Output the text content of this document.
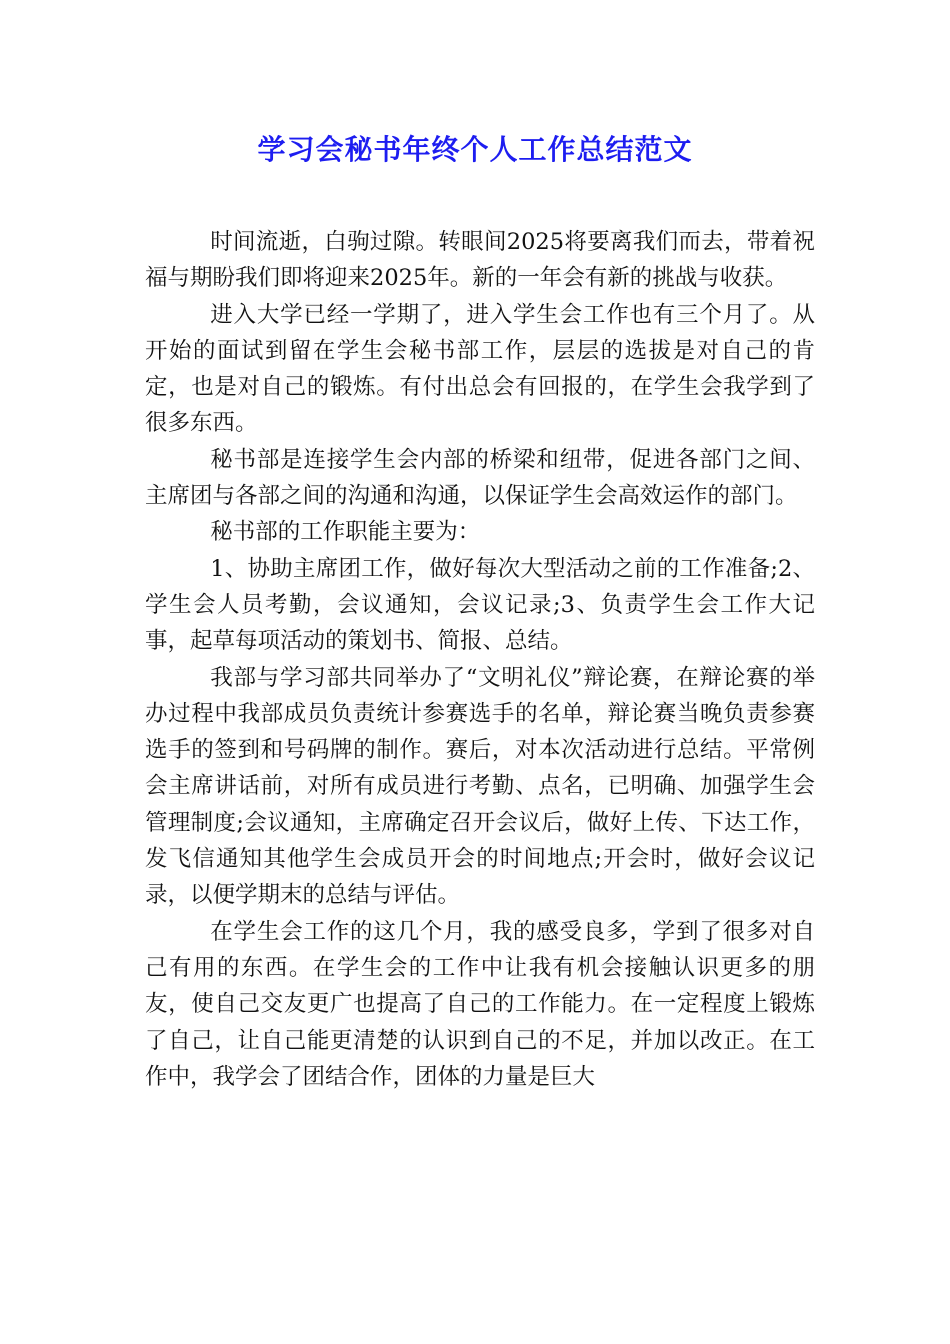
学习会秘书年终个人工作总结范文

时间流逝，白驹过隙。转眼间2025将要离我们而去，带着祝福与期盼我们即将迎来2025年。新的一年会有新的挑战与收获。

进入大学已经一学期了，进入学生会工作也有三个月了。从开始的面试到留在学生会秘书部工作，层层的选拔是对自己的肯定，也是对自己的锻炼。有付出总会有回报的，在学生会我学到了很多东西。

秘书部是连接学生会内部的桥梁和纽带，促进各部门之间、主席团与各部之间的沟通和沟通，以保证学生会高效运作的部门。

秘书部的工作职能主要为：

1、协助主席团工作，做好每次大型活动之前的工作准备;2、学生会人员考勤，会议通知，会议记录;3、负责学生会工作大记事，起草每项活动的策划书、简报、总结。

我部与学习部共同举办了“文明礼仪”辩论赛，在辩论赛的举办过程中我部成员负责统计参赛选手的名单，辩论赛当晚负责参赛选手的签到和号码牌的制作。赛后，对本次活动进行总结。平常例会主席讲话前，对所有成员进行考勤、点名，已明确、加强学生会管理制度;会议通知，主席确定召开会议后，做好上传、下达工作，发飞信通知其他学生会成员开会的时间地点;开会时，做好会议记录，以便学期末的总结与评估。

在学生会工作的这几个月，我的感受良多，学到了很多对自己有用的东西。在学生会的工作中让我有机会接触认识更多的朋友，使自己交友更广也提高了自己的工作能力。在一定程度上锻炼了自己，让自己能更清楚的认识到自己的不足，并加以改正。在工作中，我学会了团结合作，团体的力量是巨大
